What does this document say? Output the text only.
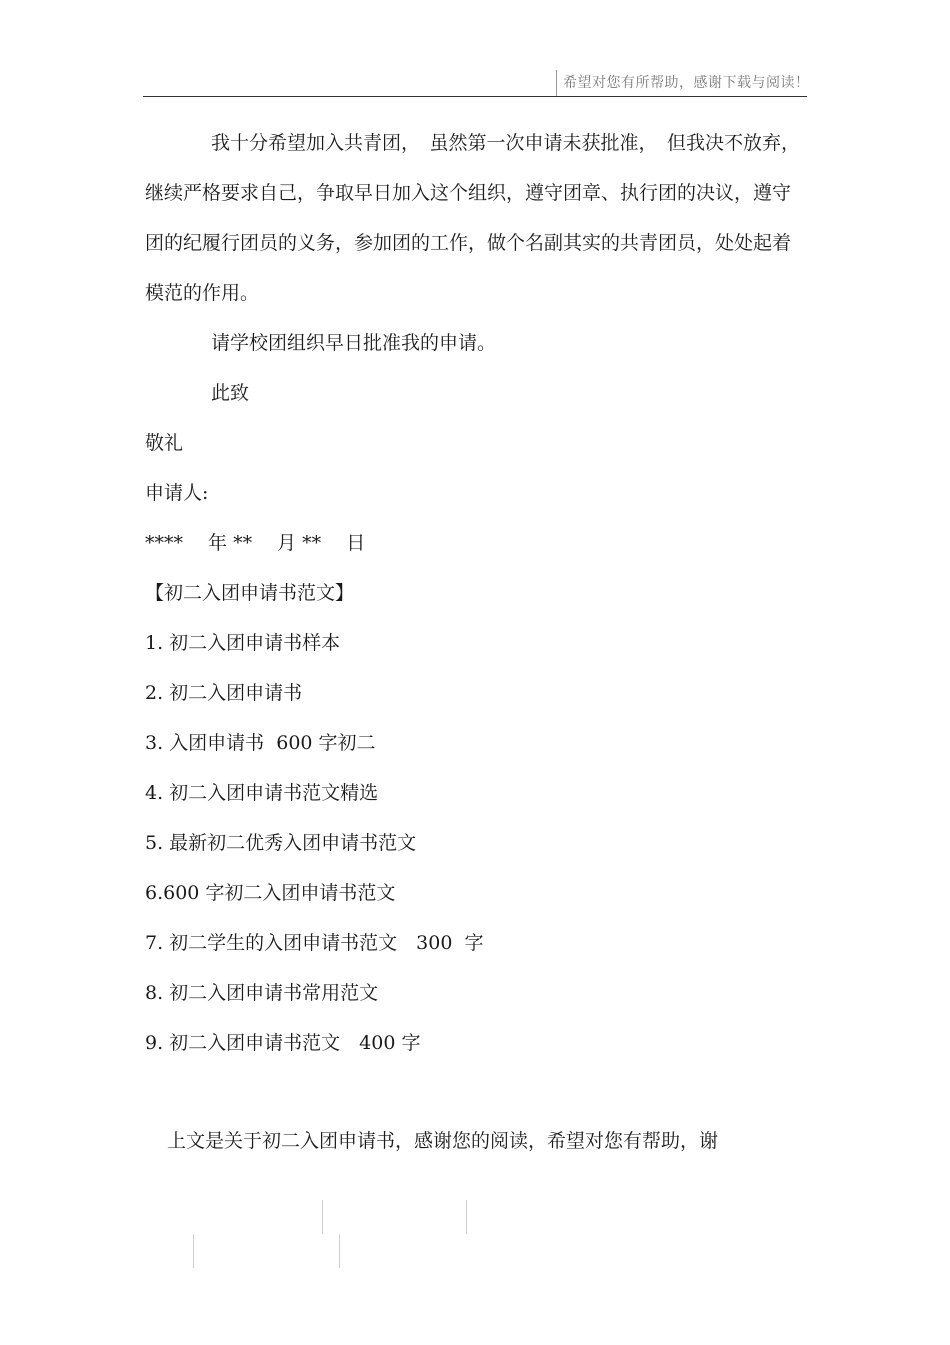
希望对您有所帮助，感谢下载与阅读！

我十分希望加入共青团，　虽然第一次申请未获批准，　但我决不放弃，继续严格要求自己，争取早日加入这个组织，遵守团章、执行团的决议，遵守团的纪履行团员的义务，参加团的工作，做个名副其实的共青团员，处处起着模范的作用。

请学校团组织早日批准我的申请。

此致

敬礼

申请人:

****　 年 **　 月 **　 日

【初二入团申请书范文】

1. 初二入团申请书样本

2. 初二入团申请书

3. 入团申请书  600 字初二

4. 初二入团申请书范文精选

5. 最新初二优秀入团申请书范文

6.600 字初二入团申请书范文

7. 初二学生的入团申请书范文　300  字

8. 初二入团申请书常用范文

9. 初二入团申请书范文　400 字

上文是关于初二入团申请书，感谢您的阅读，希望对您有帮助，谢
